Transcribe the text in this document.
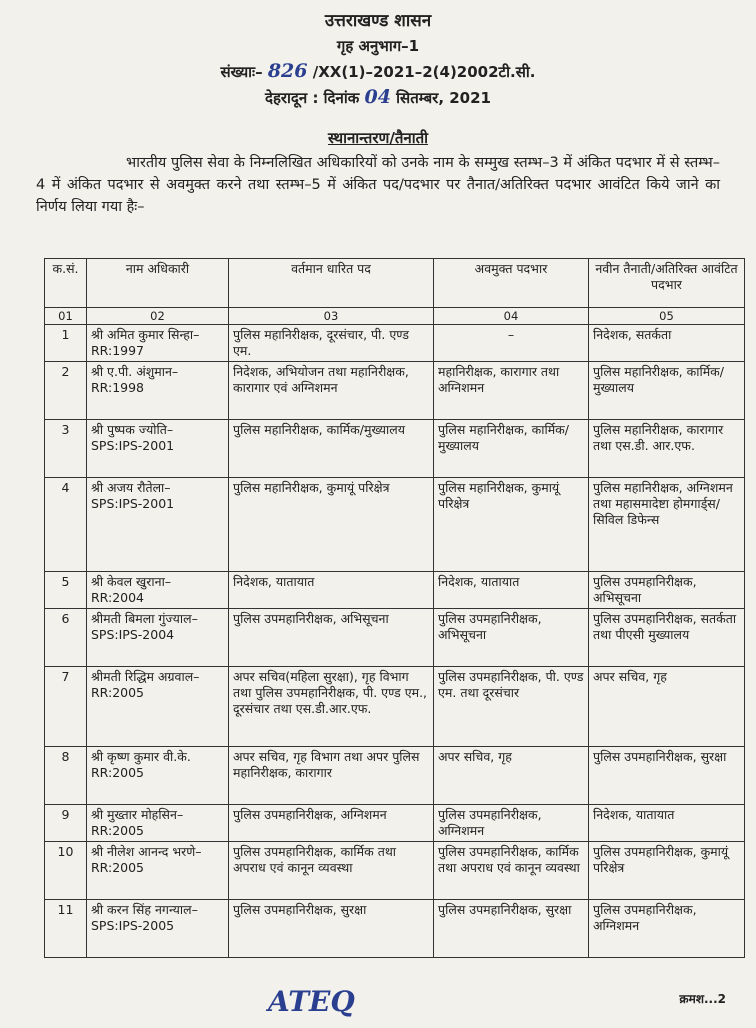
उत्तराखण्ड शासन
गृह अनुभाग–1
संख्याः– 826 /XX(1)–2021–2(4)2002टी.सी.
देहरादून : दिनांक 04 सितम्बर, 2021
स्थानान्तरण/तैनाती
भारतीय पुलिस सेवा के निम्नलिखित अधिकारियों को उनके नाम के सम्मुख स्तम्भ–3 में अंकित पदभार में से स्तम्भ–4 में अंकित पदभार से अवमुक्त करने तथा स्तम्भ–5 में अंकित पद/पदभार पर तैनात/अतिरिक्त पदभार आवंटित किये जाने का निर्णय लिया गया हैः–
क.सं.	नाम अधिकारी	वर्तमान धारित पद	अवमुक्त पदभार	नवीन तैनाती/अतिरिक्त आवंटित पदभार
01	02	03	04	05
1	श्री अमित कुमार सिन्हा– RR:1997	पुलिस महानिरीक्षक, दूरसंचार, पी. एण्ड एम.	–	निदेशक, सतर्कता
2	श्री ए.पी. अंशुमान– RR:1998	निदेशक, अभियोजन तथा महानिरीक्षक, कारागार एवं अग्निशमन	महानिरीक्षक, कारागार तथा अग्निशमन	पुलिस महानिरीक्षक, कार्मिक/मुख्यालय
3	श्री पुष्पक ज्योति– SPS:IPS-2001	पुलिस महानिरीक्षक, कार्मिक/मुख्यालय	पुलिस महानिरीक्षक, कार्मिक/मुख्यालय	पुलिस महानिरीक्षक, कारागार तथा एस.डी. आर.एफ.
4	श्री अजय रौतेला– SPS:IPS-2001	पुलिस महानिरीक्षक, कुमायूं परिक्षेत्र	पुलिस महानिरीक्षक, कुमायूं परिक्षेत्र	पुलिस महानिरीक्षक, अग्निशमन तथा महासमादेष्टा होमगार्ड्स/सिविल डिफेन्स
5	श्री केवल खुराना– RR:2004	निदेशक, यातायात	निदेशक, यातायात	पुलिस उपमहानिरीक्षक, अभिसूचना
6	श्रीमती बिमला गुंज्याल– SPS:IPS-2004	पुलिस उपमहानिरीक्षक, अभिसूचना	पुलिस उपमहानिरीक्षक, अभिसूचना	पुलिस उपमहानिरीक्षक, सतर्कता तथा पीएसी मुख्यालय
7	श्रीमती रिद्धिम अग्रवाल– RR:2005	अपर सचिव(महिला सुरक्षा), गृह विभाग तथा पुलिस उपमहानिरीक्षक, पी. एण्ड एम., दूरसंचार तथा एस.डी.आर.एफ.	पुलिस उपमहानिरीक्षक, पी. एण्ड एम. तथा दूरसंचार	अपर सचिव, गृह
8	श्री कृष्ण कुमार वी.के. RR:2005	अपर सचिव, गृह विभाग तथा अपर पुलिस महानिरीक्षक, कारागार	अपर सचिव, गृह	पुलिस उपमहानिरीक्षक, सुरक्षा
9	श्री मुख्तार मोहसिन– RR:2005	पुलिस उपमहानिरीक्षक, अग्निशमन	पुलिस उपमहानिरीक्षक, अग्निशमन	निदेशक, यातायात
10	श्री नीलेश आनन्द भरणे– RR:2005	पुलिस उपमहानिरीक्षक, कार्मिक तथा अपराध एवं कानून व्यवस्था	पुलिस उपमहानिरीक्षक, कार्मिक तथा अपराध एवं कानून व्यवस्था	पुलिस उपमहानिरीक्षक, कुमायूं परिक्षेत्र
11	श्री करन सिंह नगन्याल– SPS:IPS-2005	पुलिस उपमहानिरीक्षक, सुरक्षा	पुलिस उपमहानिरीक्षक, सुरक्षा	पुलिस उपमहानिरीक्षक, अग्निशमन
ATEQ	क्रमश...2
